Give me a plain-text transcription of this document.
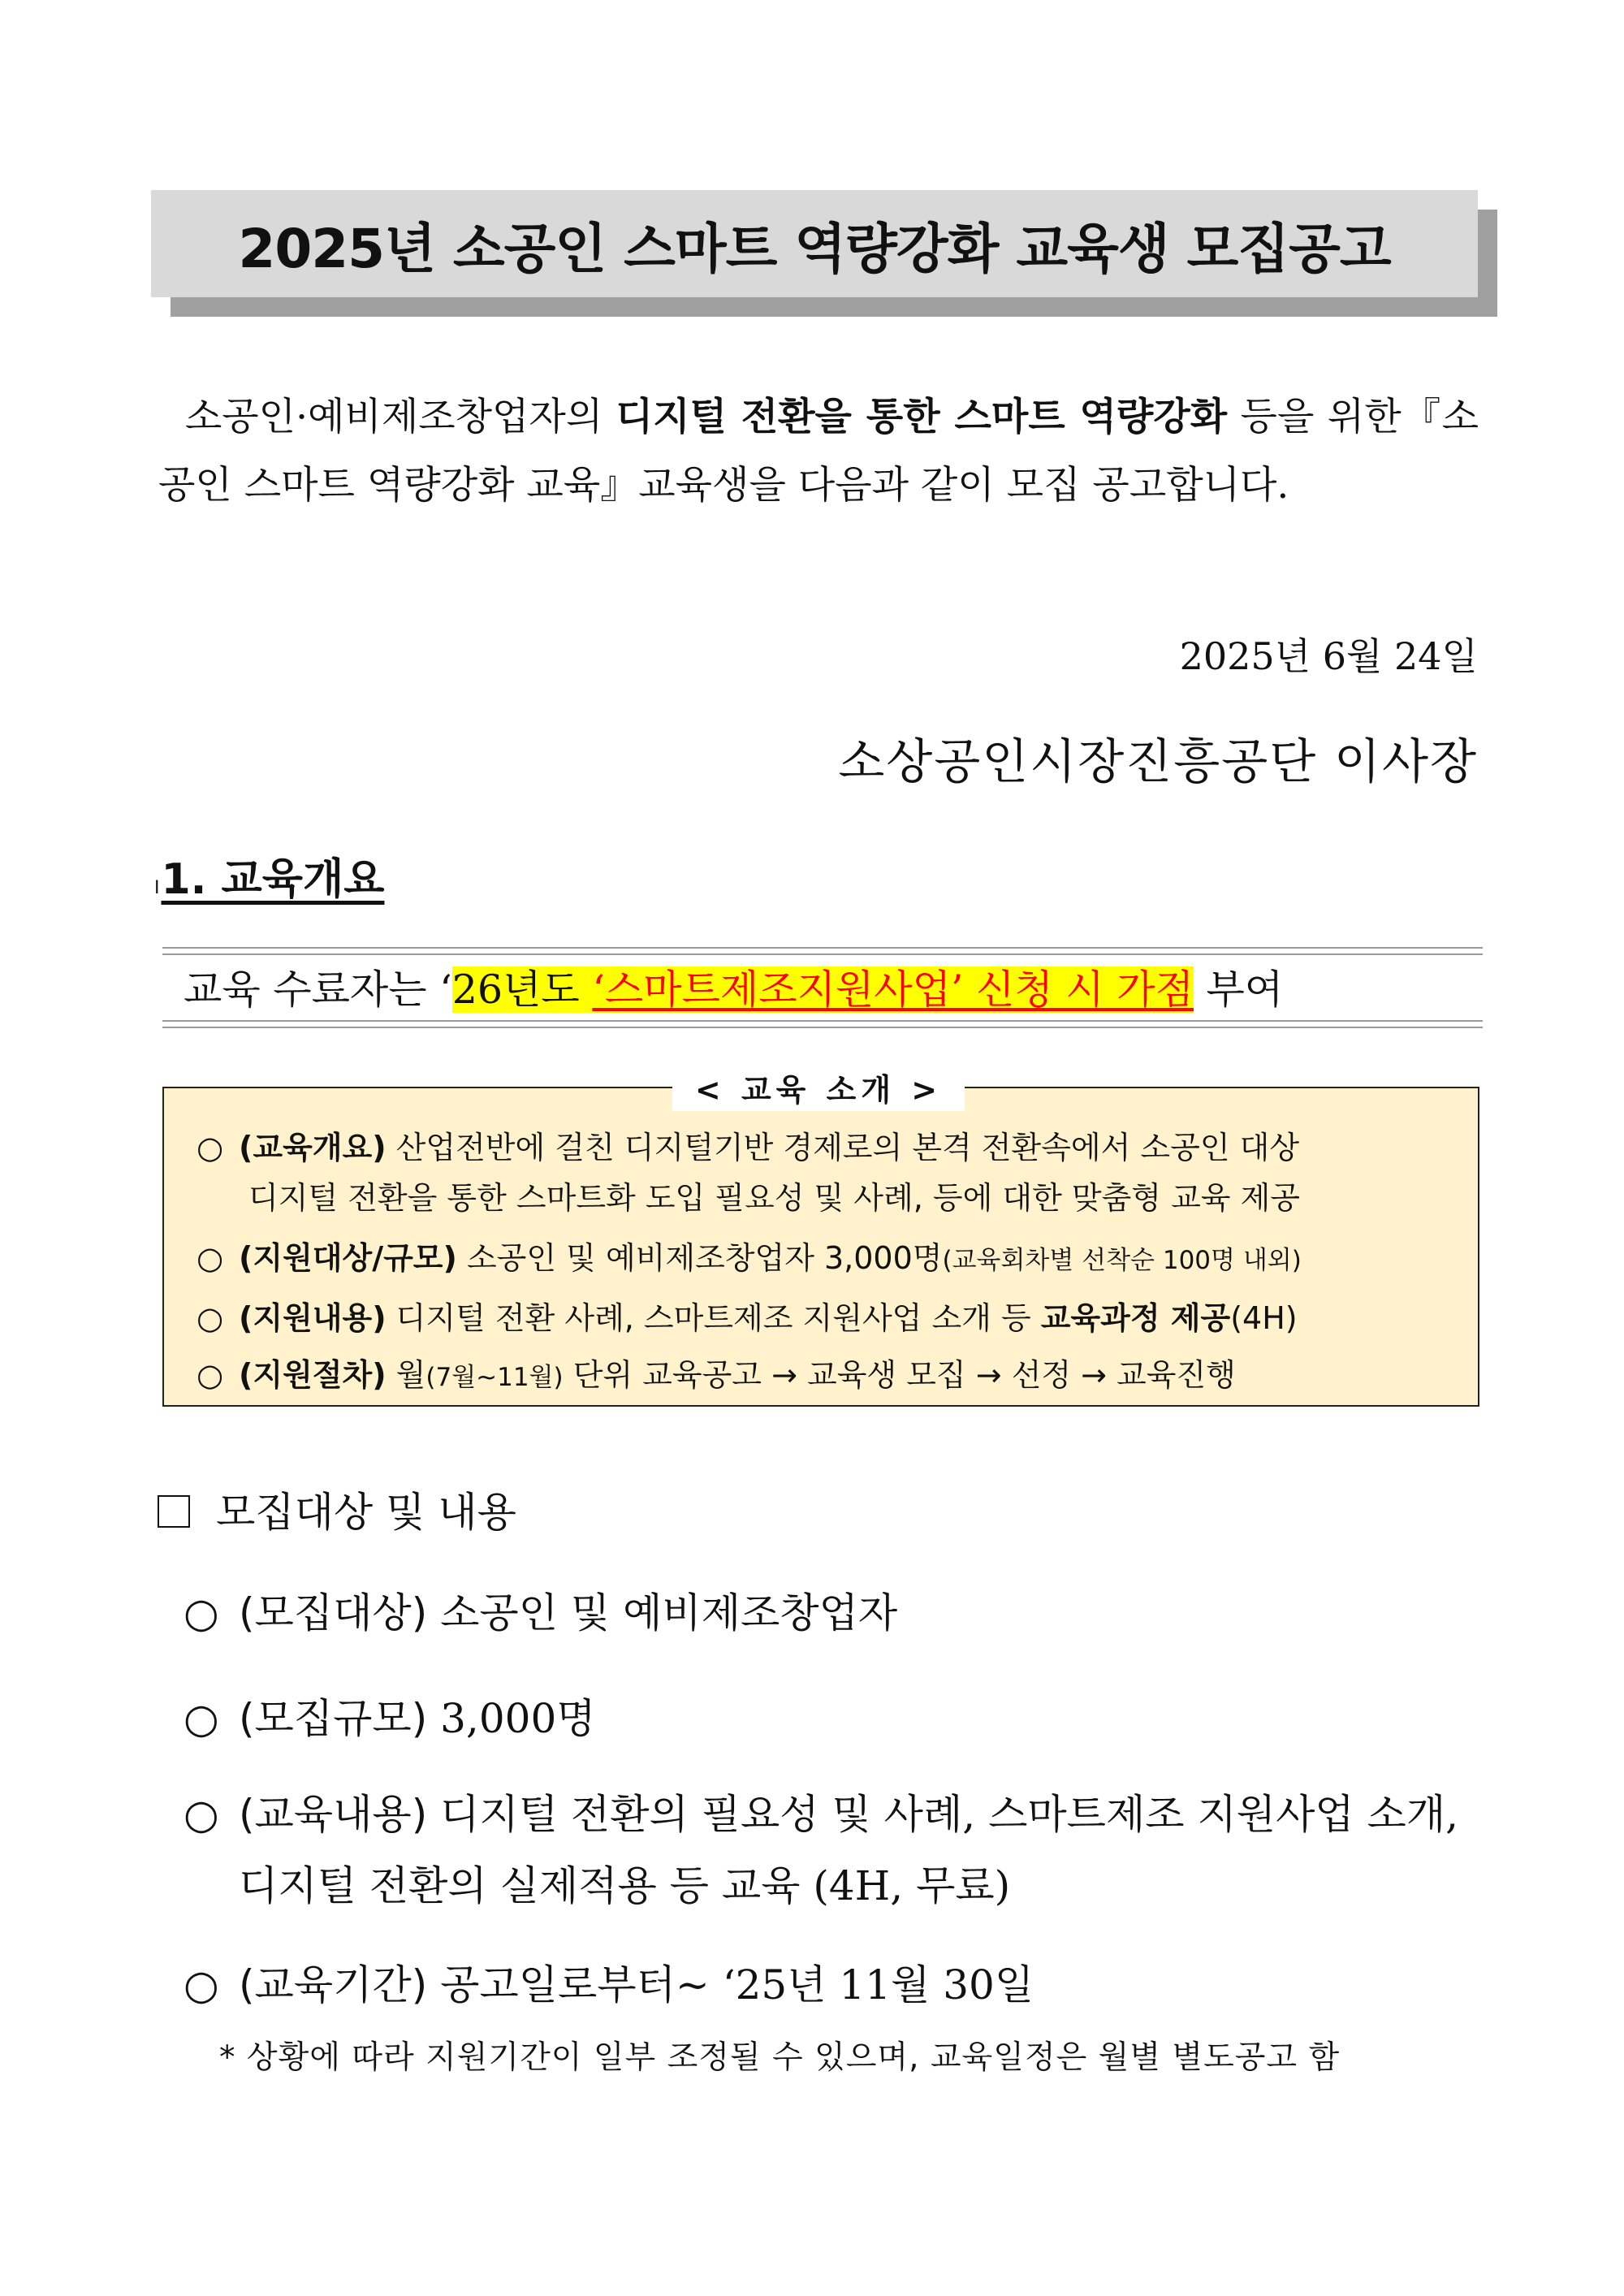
2025년 소공인 스마트 역량강화 교육생 모집공고

소공인·예비제조창업자의 디지털 전환을 통한 스마트 역량강화 등을 위한『소공인 스마트 역량강화 교육』교육생을 다음과 같이 모집 공고합니다.

2025년 6월 24일
소상공인시장진흥공단 이사장
I1. 교육개요
교육 수료자는 ‘26년도 ‘스마트제조지원사업’ 신청 시 가점 부여
○ (교육개요) 산업전반에 걸친 디지털기반 경제로의 본격 전환속에서 소공인 대상
디지털 전환을 통한 스마트화 도입 필요성 및 사례, 등에 대한 맞춤형 교육 제공
○ (지원대상/규모) 소공인 및 예비제조창업자 3,000명(교육회차별 선착순 100명 내외)
○ (지원내용) 디지털 전환 사례, 스마트제조 지원사업 소개 등 교육과정 제공(4H)
○ (지원절차) 월(7월~11월) 단위 교육공고 → 교육생 모집 → 선정 → 교육진행
< 교육 소개 >
모집대상 및 내용
○ (모집대상) 소공인 및 예비제조창업자
○ (모집규모) 3,000명
○ (교육내용) 디지털 전환의 필요성 및 사례, 스마트제조 지원사업 소개,
디지털 전환의 실제적용 등 교육 (4H, 무료)
○ (교육기간) 공고일로부터~ ‘25년 11월 30일
* 상황에 따라 지원기간이 일부 조정될 수 있으며, 교육일정은 월별 별도공고 함
